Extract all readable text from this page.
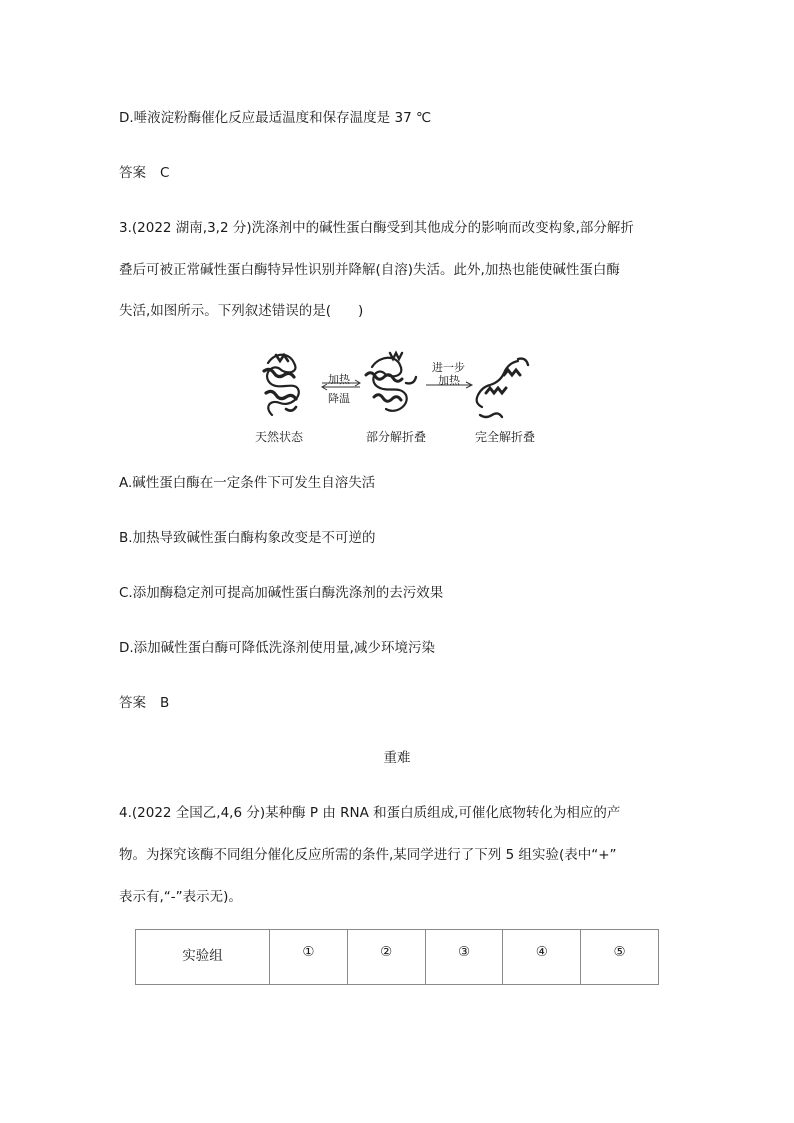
D.唾液淀粉酶催化反应最适温度和保存温度是 37 ℃
答案 C
3.(2022 湖南,3,2 分)洗涤剂中的碱性蛋白酶受到其他成分的影响而改变构象,部分解折
叠后可被正常碱性蛋白酶特异性识别并降解(自溶)失活。此外,加热也能使碱性蛋白酶
失活,如图所示。下列叙述错误的是(　　)
加热
降温
进一步
加热
天然状态	部分解折叠	完全解折叠
A.碱性蛋白酶在一定条件下可发生自溶失活
B.加热导致碱性蛋白酶构象改变是不可逆的
C.添加酶稳定剂可提高加碱性蛋白酶洗涤剂的去污效果
D.添加碱性蛋白酶可降低洗涤剂使用量,减少环境污染
答案 B
重难
4.(2022 全国乙,4,6 分)某种酶 P 由 RNA 和蛋白质组成,可催化底物转化为相应的产
物。为探究该酶不同组分催化反应所需的条件,某同学进行了下列 5 组实验(表中“+”
表示有,“-”表示无)。
实验组	①	②	③	④	⑤
